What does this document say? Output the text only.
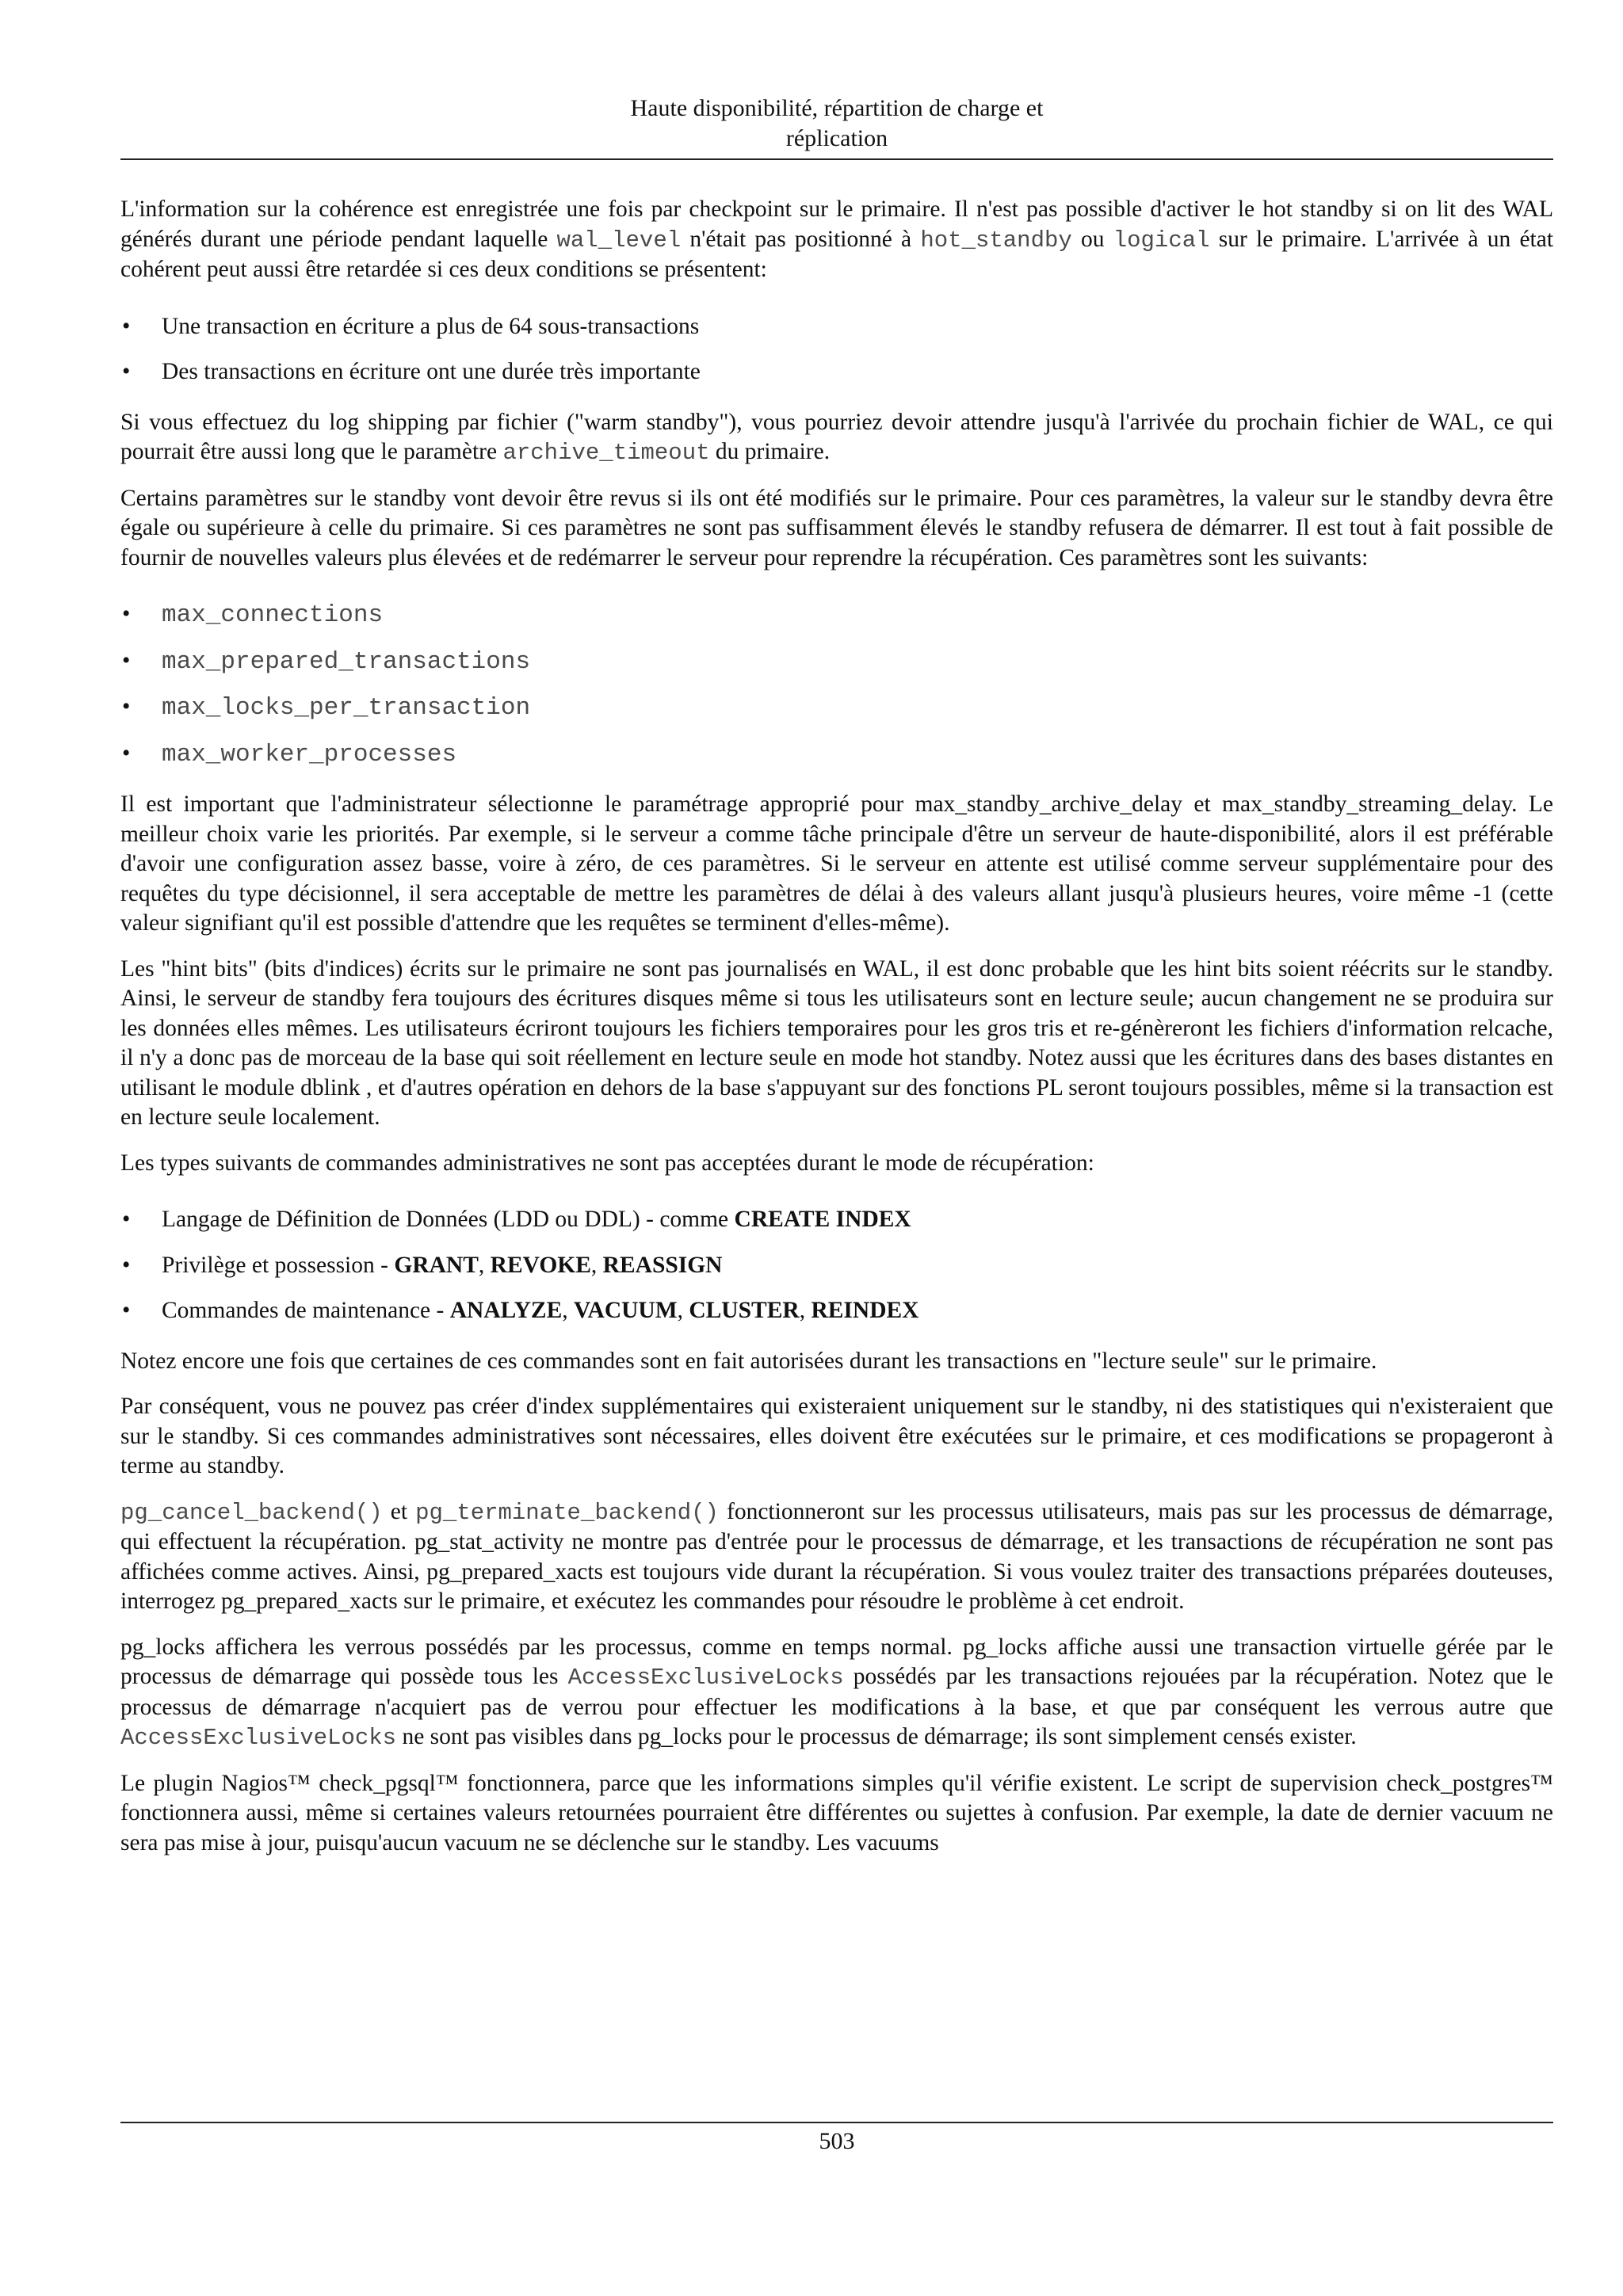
Haute disponibilité, répartition de charge et
réplication

L'information sur la cohérence est enregistrée une fois par checkpoint sur le primaire. Il n'est pas possible d'activer le hot standby si on lit des WAL générés durant une période pendant laquelle wal_level n'était pas positionné à hot_standby ou logical sur le primaire. L'arrivée à un état cohérent peut aussi être retardée si ces deux conditions se présentent:

• Une transaction en écriture a plus de 64 sous-transactions
• Des transactions en écriture ont une durée très importante

Si vous effectuez du log shipping par fichier ("warm standby"), vous pourriez devoir attendre jusqu'à l'arrivée du prochain fichier de WAL, ce qui pourrait être aussi long que le paramètre archive_timeout du primaire.

Certains paramètres sur le standby vont devoir être revus si ils ont été modifiés sur le primaire. Pour ces paramètres, la valeur sur le standby devra être égale ou supérieure à celle du primaire. Si ces paramètres ne sont pas suffisamment élevés le standby refusera de démarrer. Il est tout à fait possible de fournir de nouvelles valeurs plus élevées et de redémarrer le serveur pour reprendre la récupération. Ces paramètres sont les suivants:

• max_connections
• max_prepared_transactions
• max_locks_per_transaction
• max_worker_processes

Il est important que l'administrateur sélectionne le paramétrage approprié pour max_standby_archive_delay et max_standby_streaming_delay. Le meilleur choix varie les priorités. Par exemple, si le serveur a comme tâche principale d'être un serveur de haute-disponibilité, alors il est préférable d'avoir une configuration assez basse, voire à zéro, de ces paramètres. Si le serveur en attente est utilisé comme serveur supplémentaire pour des requêtes du type décisionnel, il sera acceptable de mettre les paramètres de délai à des valeurs allant jusqu'à plusieurs heures, voire même -1 (cette valeur signifiant qu'il est possible d'attendre que les requêtes se terminent d'elles-même).

Les "hint bits" (bits d'indices) écrits sur le primaire ne sont pas journalisés en WAL, il est donc probable que les hint bits soient réécrits sur le standby. Ainsi, le serveur de standby fera toujours des écritures disques même si tous les utilisateurs sont en lecture seule; aucun changement ne se produira sur les données elles mêmes. Les utilisateurs écriront toujours les fichiers temporaires pour les gros tris et re-génèreront les fichiers d'information relcache, il n'y a donc pas de morceau de la base qui soit réellement en lecture seule en mode hot standby. Notez aussi que les écritures dans des bases distantes en utilisant le module dblink , et d'autres opération en dehors de la base s'appuyant sur des fonctions PL seront toujours possibles, même si la transaction est en lecture seule localement.

Les types suivants de commandes administratives ne sont pas acceptées durant le mode de récupération:

• Langage de Définition de Données (LDD ou DDL) - comme CREATE INDEX
• Privilège et possession - GRANT, REVOKE, REASSIGN
• Commandes de maintenance - ANALYZE, VACUUM, CLUSTER, REINDEX

Notez encore une fois que certaines de ces commandes sont en fait autorisées durant les transactions en "lecture seule" sur le primaire.

Par conséquent, vous ne pouvez pas créer d'index supplémentaires qui existeraient uniquement sur le standby, ni des statistiques qui n'existeraient que sur le standby. Si ces commandes administratives sont nécessaires, elles doivent être exécutées sur le primaire, et ces modifications se propageront à terme au standby.

pg_cancel_backend() et pg_terminate_backend() fonctionneront sur les processus utilisateurs, mais pas sur les processus de démarrage, qui effectuent la récupération. pg_stat_activity ne montre pas d'entrée pour le processus de démarrage, et les transactions de récupération ne sont pas affichées comme actives. Ainsi, pg_prepared_xacts est toujours vide durant la récupération. Si vous voulez traiter des transactions préparées douteuses, interrogez pg_prepared_xacts sur le primaire, et exécutez les commandes pour résoudre le problème à cet endroit.

pg_locks affichera les verrous possédés par les processus, comme en temps normal. pg_locks affiche aussi une transaction virtuelle gérée par le processus de démarrage qui possède tous les AccessExclusiveLocks possédés par les transactions rejouées par la récupération. Notez que le processus de démarrage n'acquiert pas de verrou pour effectuer les modifications à la base, et que par conséquent les verrous autre que AccessExclusiveLocks ne sont pas visibles dans pg_locks pour le processus de démarrage; ils sont simplement censés exister.

Le plugin Nagios™ check_pgsql™ fonctionnera, parce que les informations simples qu'il vérifie existent. Le script de supervision check_postgres™ fonctionnera aussi, même si certaines valeurs retournées pourraient être différentes ou sujettes à confusion. Par exemple, la date de dernier vacuum ne sera pas mise à jour, puisqu'aucun vacuum ne se déclenche sur le standby. Les vacuums

503
